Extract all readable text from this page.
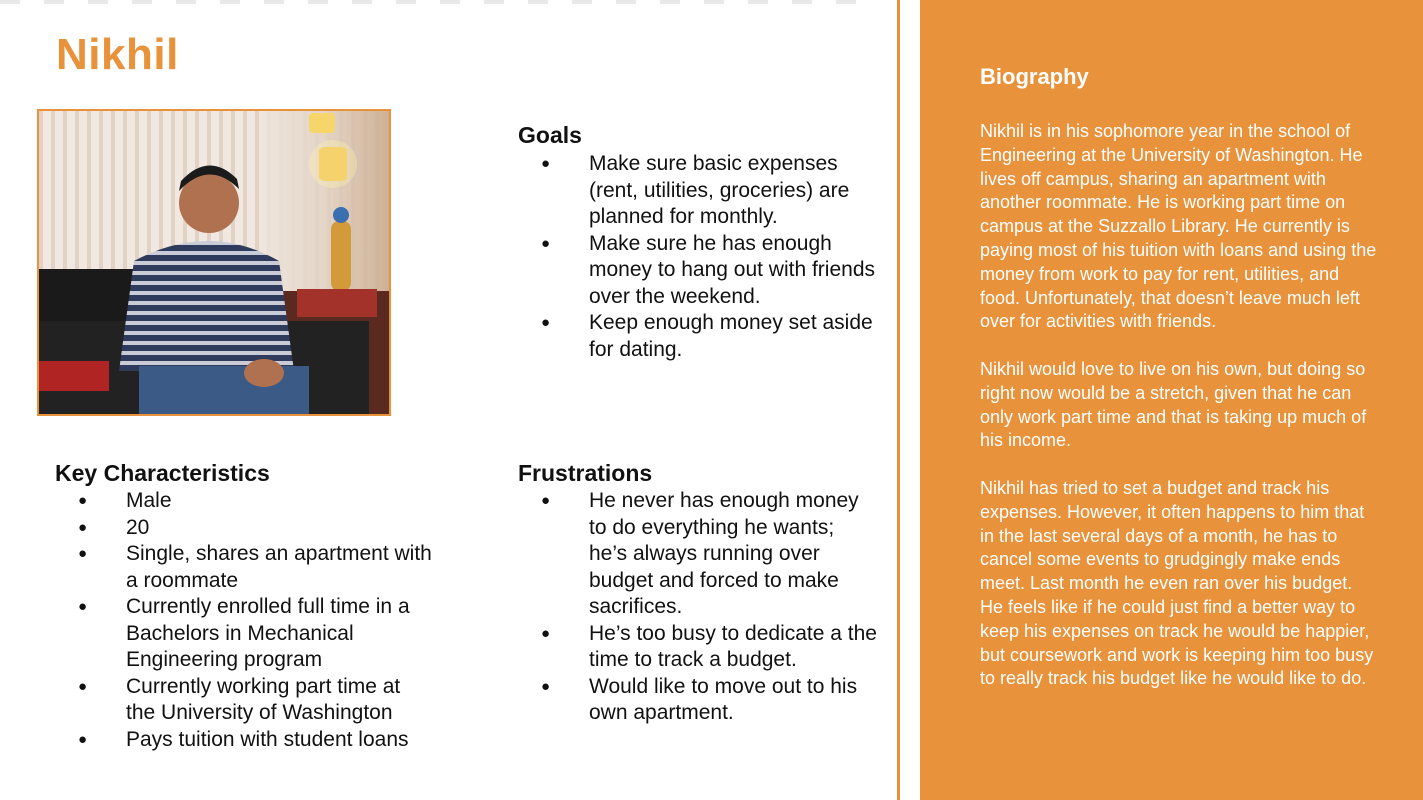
Nikhil
Goals
● Make sure basic expenses (rent, utilities, groceries) are planned for monthly.
● Make sure he has enough money to hang out with friends over the weekend.
● Keep enough money set aside for dating.
Key Characteristics
● Male
● 20
● Single, shares an apartment with a roommate
● Currently enrolled full time in a Bachelors in Mechanical Engineering program
● Currently working part time at the University of Washington
● Pays tuition with student loans
Frustrations
● He never has enough money to do everything he wants; he’s always running over budget and forced to make sacrifices.
● He’s too busy to dedicate a the time to track a budget.
● Would like to move out to his own apartment.
Biography

Nikhil is in his sophomore year in the school of Engineering at the University of Washington. He lives off campus, sharing an apartment with another roommate. He is working part time on campus at the Suzzallo Library. He currently is paying most of his tuition with loans and using the money from work to pay for rent, utilities, and food. Unfortunately, that doesn’t leave much left over for activities with friends.

Nikhil would love to live on his own, but doing so right now would be a stretch, given that he can only work part time and that is taking up much of his income.

Nikhil has tried to set a budget and track his expenses. However, it often happens to him that in the last several days of a month, he has to cancel some events to grudgingly make ends meet. Last month he even ran over his budget. He feels like if he could just find a better way to keep his expenses on track he would be happier, but coursework and work is keeping him too busy to really track his budget like he would like to do.
